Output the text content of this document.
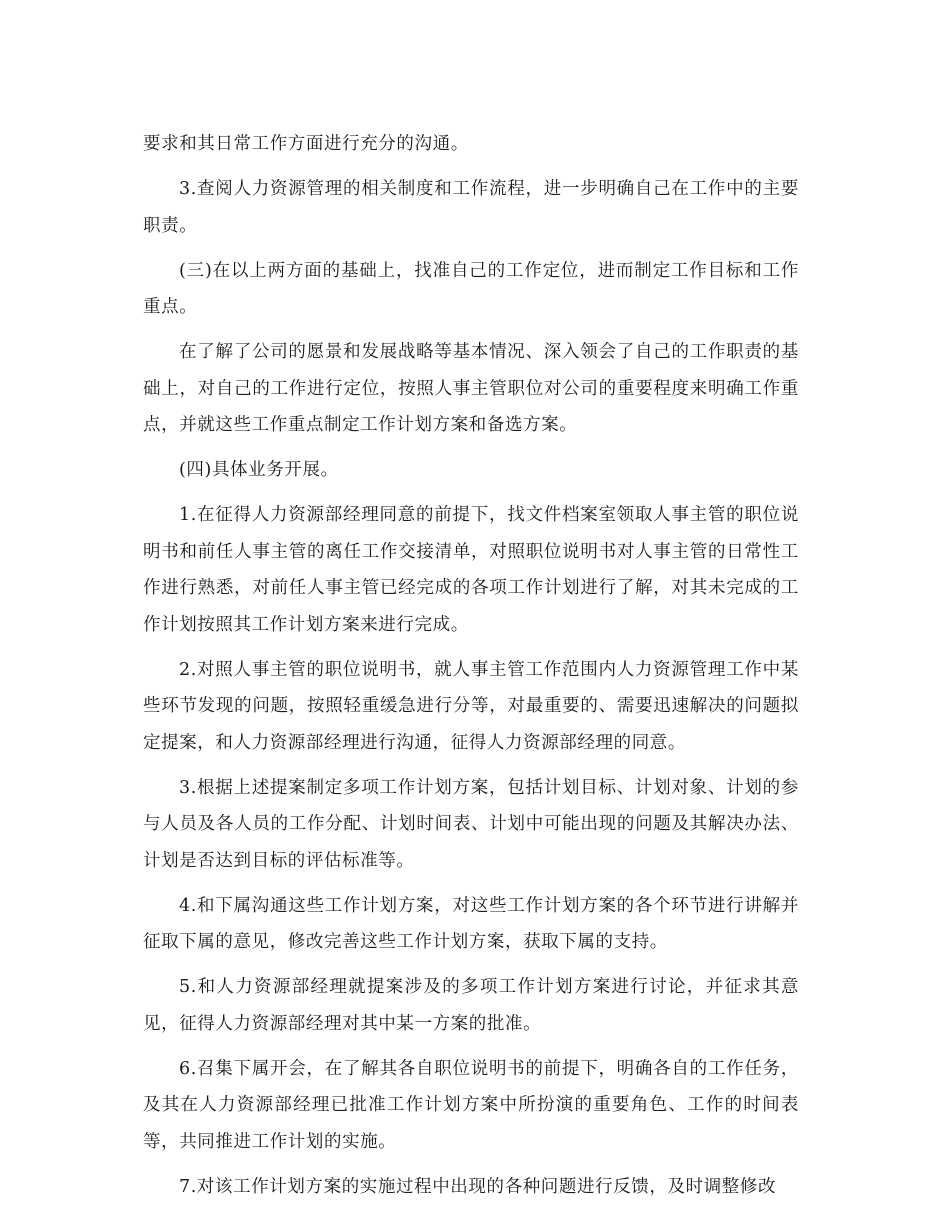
要求和其日常工作方面进行充分的沟通。

3.查阅人力资源管理的相关制度和工作流程，进一步明确自己在工作中的主要职责。

(三)在以上两方面的基础上，找准自己的工作定位，进而制定工作目标和工作重点。

在了解了公司的愿景和发展战略等基本情况、深入领会了自己的工作职责的基础上，对自己的工作进行定位，按照人事主管职位对公司的重要程度来明确工作重点，并就这些工作重点制定工作计划方案和备选方案。

(四)具体业务开展。

1.在征得人力资源部经理同意的前提下，找文件档案室领取人事主管的职位说明书和前任人事主管的离任工作交接清单，对照职位说明书对人事主管的日常性工作进行熟悉，对前任人事主管已经完成的各项工作计划进行了解，对其未完成的工作计划按照其工作计划方案来进行完成。

2.对照人事主管的职位说明书，就人事主管工作范围内人力资源管理工作中某些环节发现的问题，按照轻重缓急进行分等，对最重要的、需要迅速解决的问题拟定提案，和人力资源部经理进行沟通，征得人力资源部经理的同意。

3.根据上述提案制定多项工作计划方案，包括计划目标、计划对象、计划的参与人员及各人员的工作分配、计划时间表、计划中可能出现的问题及其解决办法、计划是否达到目标的评估标准等。

4.和下属沟通这些工作计划方案，对这些工作计划方案的各个环节进行讲解并征取下属的意见，修改完善这些工作计划方案，获取下属的支持。

5.和人力资源部经理就提案涉及的多项工作计划方案进行讨论，并征求其意见，征得人力资源部经理对其中某一方案的批准。

6.召集下属开会，在了解其各自职位说明书的前提下，明确各自的工作任务，及其在人力资源部经理已批准工作计划方案中所扮演的重要角色、工作的时间表等，共同推进工作计划的实施。

7.对该工作计划方案的实施过程中出现的各种问题进行反馈，及时调整修改
